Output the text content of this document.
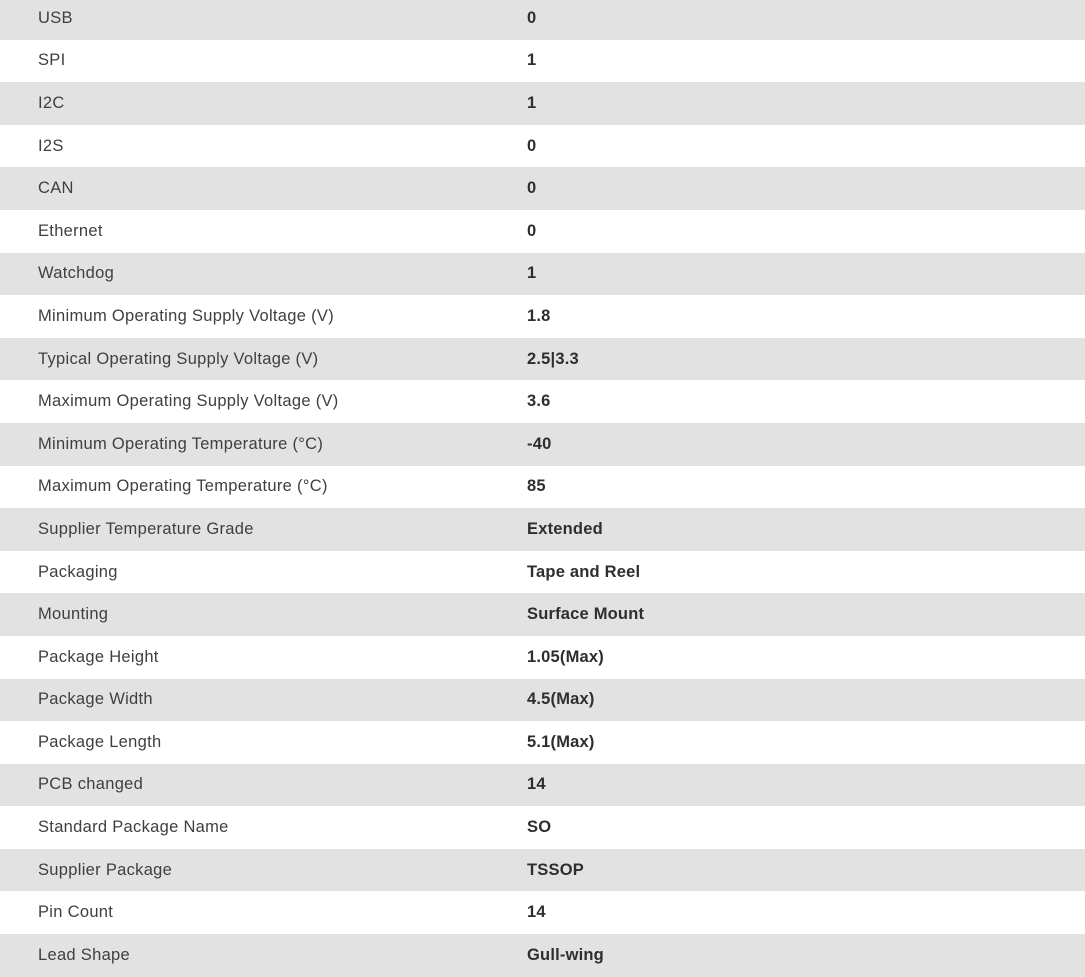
USB	0
SPI	1
I2C	1
I2S	0
CAN	0
Ethernet	0
Watchdog	1
Minimum Operating Supply Voltage (V)	1.8
Typical Operating Supply Voltage (V)	2.5|3.3
Maximum Operating Supply Voltage (V)	3.6
Minimum Operating Temperature (°C)	-40
Maximum Operating Temperature (°C)	85
Supplier Temperature Grade	Extended
Packaging	Tape and Reel
Mounting	Surface Mount
Package Height	1.05(Max)
Package Width	4.5(Max)
Package Length	5.1(Max)
PCB changed	14
Standard Package Name	SO
Supplier Package	TSSOP
Pin Count	14
Lead Shape	Gull-wing
